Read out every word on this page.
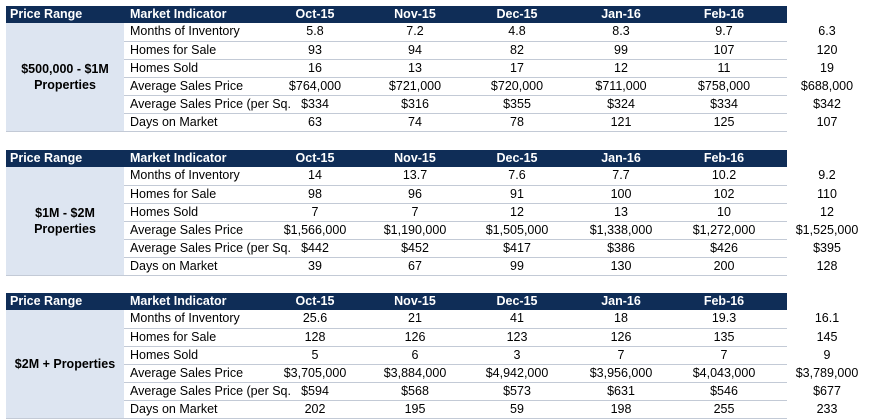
Price Range	Market Indicator	Oct-15	Nov-15	Dec-15	Jan-16	Feb-16	Mar-16
$500,000 - $1M
Properties
Months of Inventory	5.8	7.2	4.8	8.3	9.7	6.3
Homes for Sale	93	94	82	99	107	120
Homes Sold	16	13	17	12	11	19
Average Sales Price	$764,000	$721,000	$720,000	$711,000	$758,000	$688,000
Average Sales Price (per Sq. $334	$316	$355	$324	$334	$342
Days on Market	63	74	78	121	125	107
Price Range	Market Indicator	Oct-15	Nov-15	Dec-15	Jan-16	Feb-16	Mar-16
$1M - $2M
Properties
Months of Inventory	14	13.7	7.6	7.7	10.2	9.2
Homes for Sale	98	96	91	100	102	110
Homes Sold	7	7	12	13	10	12
Average Sales Price	$1,566,000	$1,190,000	$1,505,000	$1,338,000	$1,272,000	$1,525,000
Average Sales Price (per Sq. $442	$452	$417	$386	$426	$395
Days on Market	39	67	99	130	200	128
Price Range	Market Indicator	Oct-15	Nov-15	Dec-15	Jan-16	Feb-16	Mar-16
$2M + Properties
Months of Inventory	25.6	21	41	18	19.3	16.1
Homes for Sale	128	126	123	126	135	145
Homes Sold	5	6	3	7	7	9
Average Sales Price	$3,705,000	$3,884,000	$4,942,000	$3,956,000	$4,043,000	$3,789,000
Average Sales Price (per Sq. $594	$568	$573	$631	$546	$677
Days on Market	202	195	59	198	255	233
